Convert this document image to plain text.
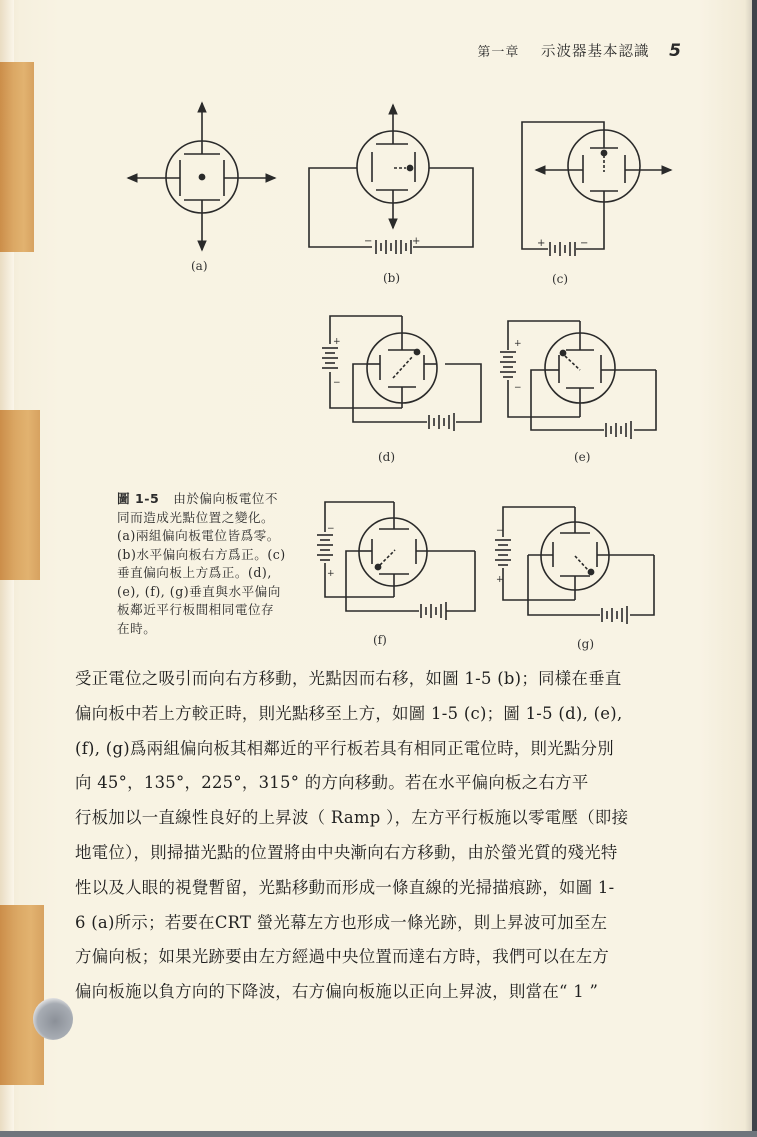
第一章 示波器基本認識 5
−	+	+	−
+
−
+
−
−
+
−
+
(a)
(b)	(c)
(d)	(e)
(f)	(g)
圖 1-5 由於偏向板電位不
同而造成光點位置之變化。
(a)兩組偏向板電位皆爲零。
(b)水平偏向板右方爲正。(c)
垂直偏向板上方爲正。(d),
(e), (f), (g)垂直與水平偏向
板鄰近平行板間相同電位存
在時。

受正電位之吸引而向右方移動，光點因而右移，如圖 1-5 (b)；同樣在垂直

偏向板中若上方較正時，則光點移至上方，如圖 1-5 (c)；圖 1-5 (d), (e),

(f), (g)爲兩組偏向板其相鄰近的平行板若具有相同正電位時，則光點分別

向 45°，135°，225°，315° 的方向移動。若在水平偏向板之右方平

行板加以一直線性良好的上昇波（ Ramp ），左方平行板施以零電壓（即接

地電位），則掃描光點的位置將由中央漸向右方移動，由於螢光質的殘光特

性以及人眼的視覺暫留，光點移動而形成一條直線的光掃描痕跡，如圖 1-

6 (a)所示；若要在CRT 螢光幕左方也形成一條光跡，則上昇波可加至左

方偏向板；如果光跡要由左方經過中央位置而達右方時，我們可以在左方

偏向板施以負方向的下降波，右方偏向板施以正向上昇波，則當在“ 1 ”
